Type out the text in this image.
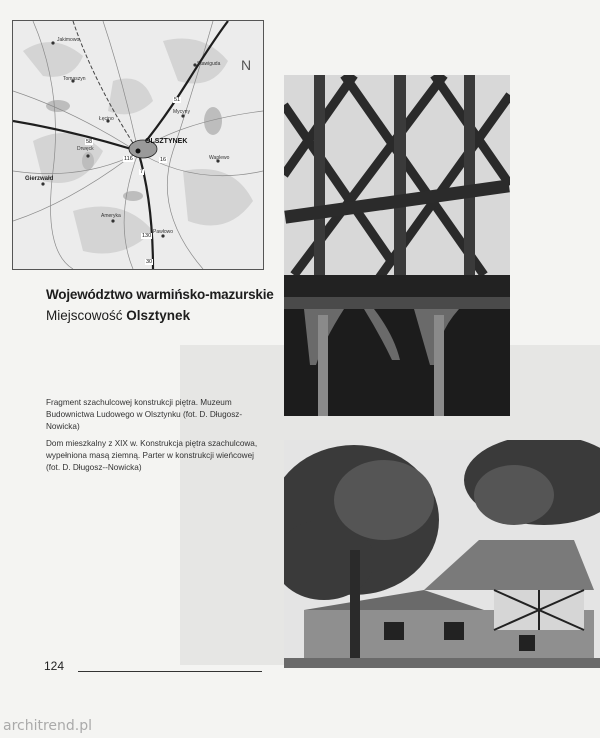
OLSZTYNEK
Jakimowo
Stawiguda
Gierzwałd
Drwęck
Mycyny
Ameryka
Tomaszyn
Waplewo
Pawłowo
Łęcino
16
51
58
7
130
30
116
N
Województwo warmińsko-mazurskie
Miejscowość Olsztynek
Fragment szachulcowej konstrukcji piętra. Muzeum Budownictwa Ludowego w Olsztynku (fot. D. Długosz-Nowicka)
Dom mieszkalny z XIX w. Konstrukcja piętra szachulcowa, wypełniona masą ziemną. Parter w konstrukcji wieńcowej (fot. D. Długosz--Nowicka)
124
architrend.pl
